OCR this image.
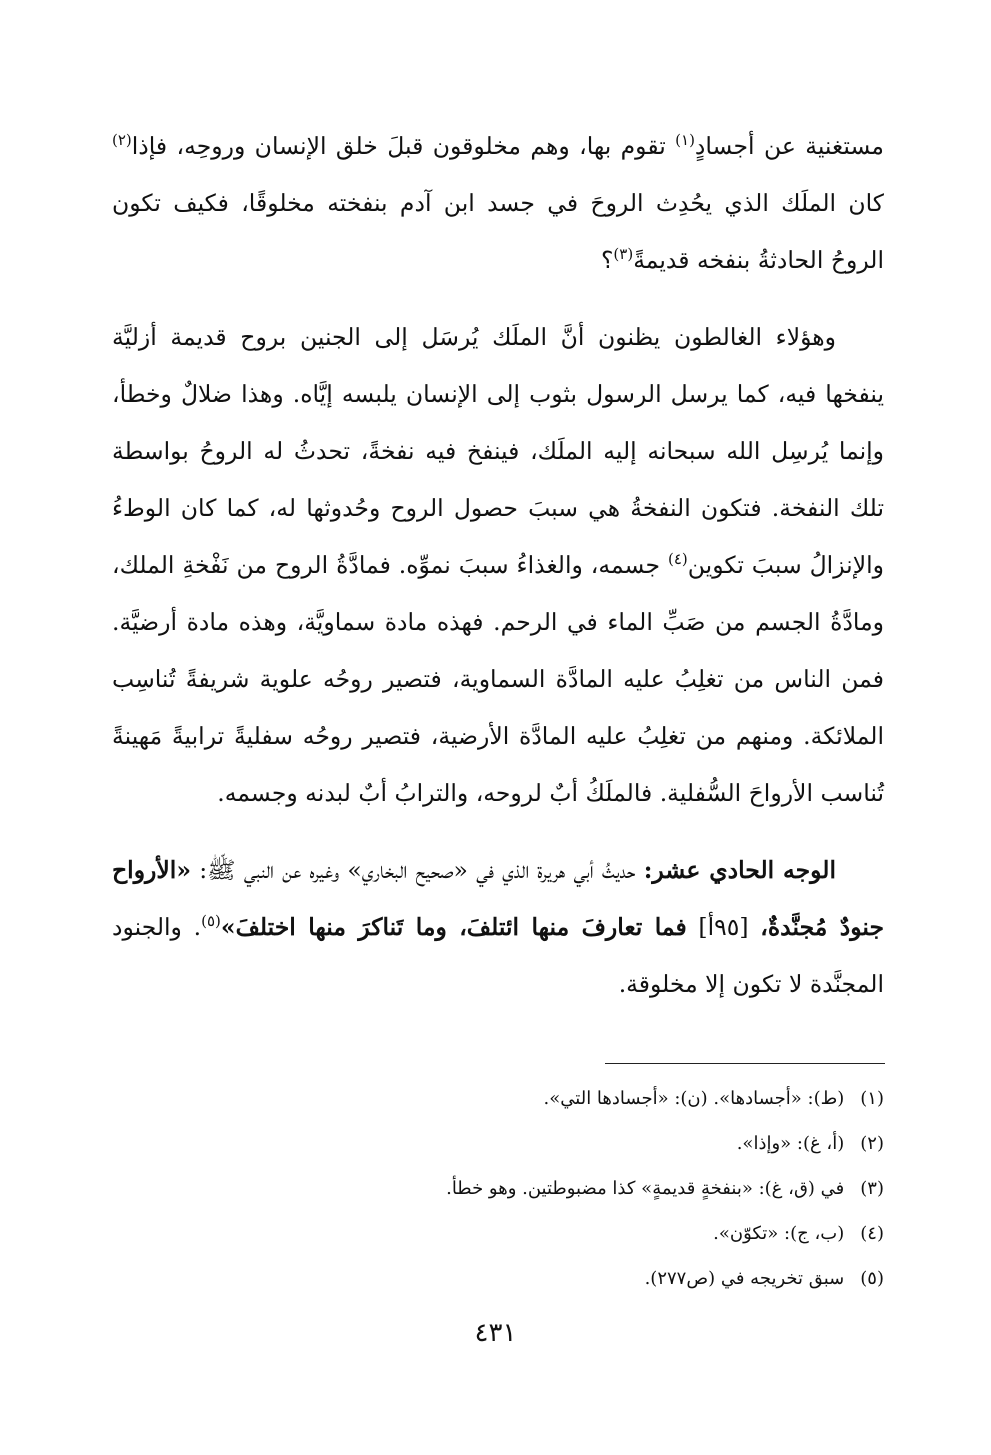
مستغنية عن أجسادٍ$^{(١)}$ تقوم بها، وهم مخلوقون قبلَ خلق الإنسان وروحِه، فإذا$^{(٢)}$ كان الملَك الذي يحُدِث الروحَ في جسد ابن آدم بنفخته مخلوقًا، فكيف تكون الروحُ الحادثةُ بنفخه قديمةً$^{(٣)}$؟

وهؤلاء الغالطون يظنون أنَّ الملَك يُرسَل إلى الجنين بروح قديمة أزليَّة ينفخها فيه، كما يرسل الرسول بثوب إلى الإنسان يلبسه إيَّاه. وهذا ضلالٌ وخطأ، وإنما يُرسِل الله سبحانه إليه الملَك، فينفخ فيه نفخةً، تحدثُ له الروحُ بواسطة تلك النفخة. فتكون النفخةُ هي سببَ حصول الروح وحُدوثها له، كما كان الوطءُ والإنزالُ سببَ تكوين$^{(٤)}$ جسمه، والغذاءُ سببَ نموِّه. فمادَّةُ الروح من نَفْخةِ الملك، ومادَّةُ الجسم من صَبِّ الماء في الرحم. فهذه مادة سماويَّة، وهذه مادة أرضيَّة. فمن الناس من تغلِبُ عليه المادَّة السماوية، فتصير روحُه علوية شريفةً تُناسِب الملائكة. ومنهم من تغلِبُ عليه المادَّة الأرضية، فتصير روحُه سفليةً ترابيةً مَهينةً تُناسب الأرواحَ السُّفلية. فالملَكُ أبٌ لروحه، والترابُ أبٌ لبدنه وجسمه.

الوجه الحادي عشر: حديثُ أبي هريرة الذي في «صحيح البخاري» وغيره عن النبي ﷺ: «الأرواح جنودٌ مُجنَّدةٌ، [٩٥أ] فما تعارفَ منها ائتلفَ، وما تَناكرَ منها اختلفَ»$^{(٥)}$. والجنود المجنَّدة لا تكون إلا مخلوقة.

(١) (ط): «أجسادها». (ن): «أجسادها التي».

(٢) (أ، غ): «وإذا».

(٣) في (ق، غ): «بنفخةٍ قديمةٍ» كذا مضبوطتين. وهو خطأ.

(٤) (ب، ج): «تكوّن».

(٥) سبق تخريجه في (ص٢٧٧).

٤٣١
